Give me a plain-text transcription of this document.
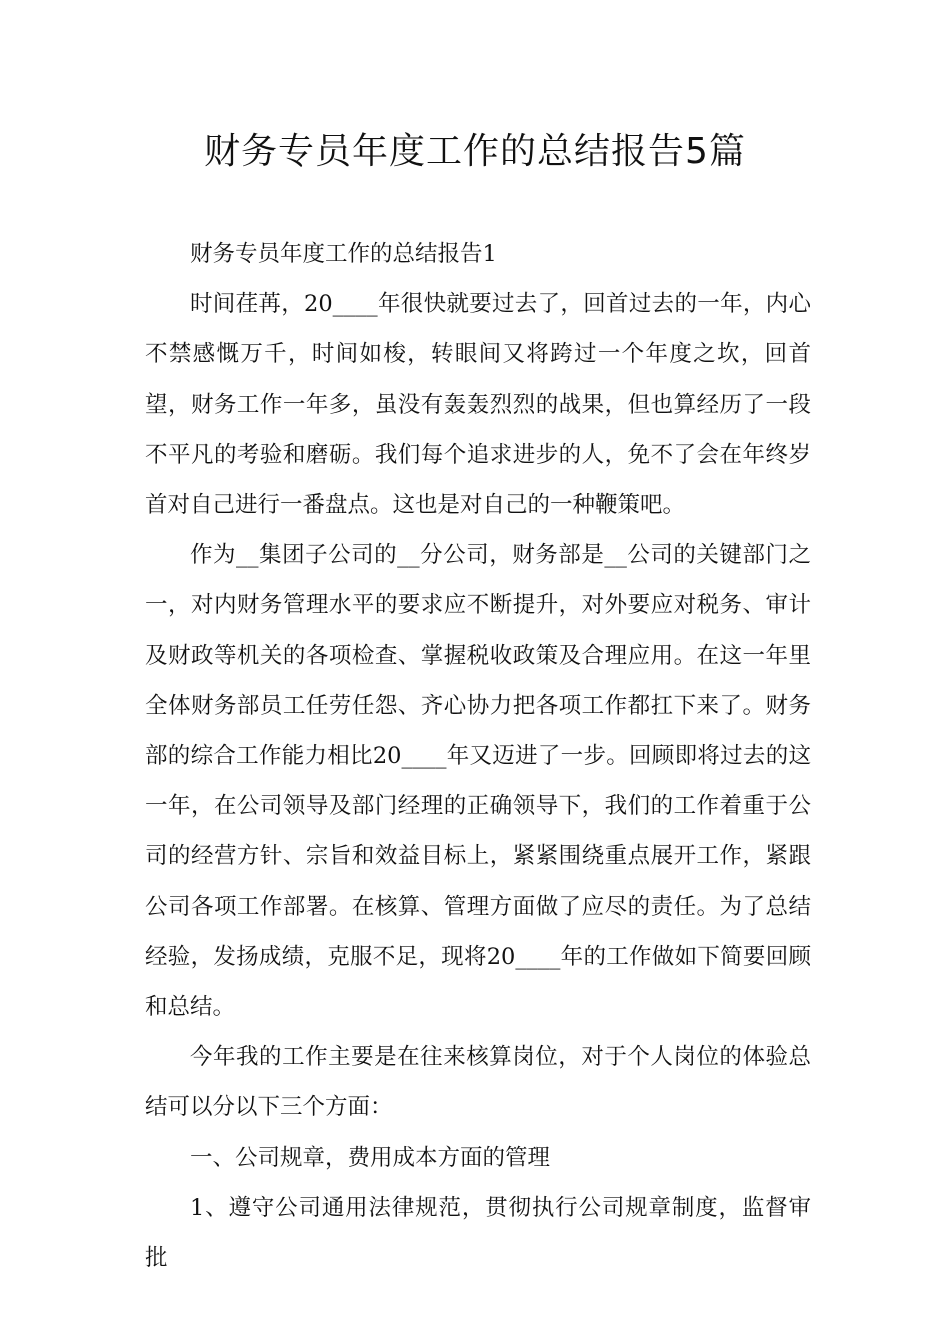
财务专员年度工作的总结报告5篇

财务专员年度工作的总结报告1

时间荏苒，20____年很快就要过去了，回首过去的一年，内心不禁感慨万千，时间如梭，转眼间又将跨过一个年度之坎，回首望，财务工作一年多，虽没有轰轰烈烈的战果，但也算经历了一段不平凡的考验和磨砺。我们每个追求进步的人，免不了会在年终岁首对自己进行一番盘点。这也是对自己的一种鞭策吧。

作为__集团子公司的__分公司，财务部是__公司的关键部门之一，对内财务管理水平的要求应不断提升，对外要应对税务、审计及财政等机关的各项检查、掌握税收政策及合理应用。在这一年里全体财务部员工任劳任怨、齐心协力把各项工作都扛下来了。财务部的综合工作能力相比20____年又迈进了一步。回顾即将过去的这一年，在公司领导及部门经理的正确领导下，我们的工作着重于公司的经营方针、宗旨和效益目标上，紧紧围绕重点展开工作，紧跟公司各项工作部署。在核算、管理方面做了应尽的责任。为了总结经验，发扬成绩，克服不足，现将20____年的工作做如下简要回顾和总结。

今年我的工作主要是在往来核算岗位，对于个人岗位的体验总结可以分以下三个方面：

一、公司规章，费用成本方面的管理

1、遵守公司通用法律规范，贯彻执行公司规章制度，监督审批
